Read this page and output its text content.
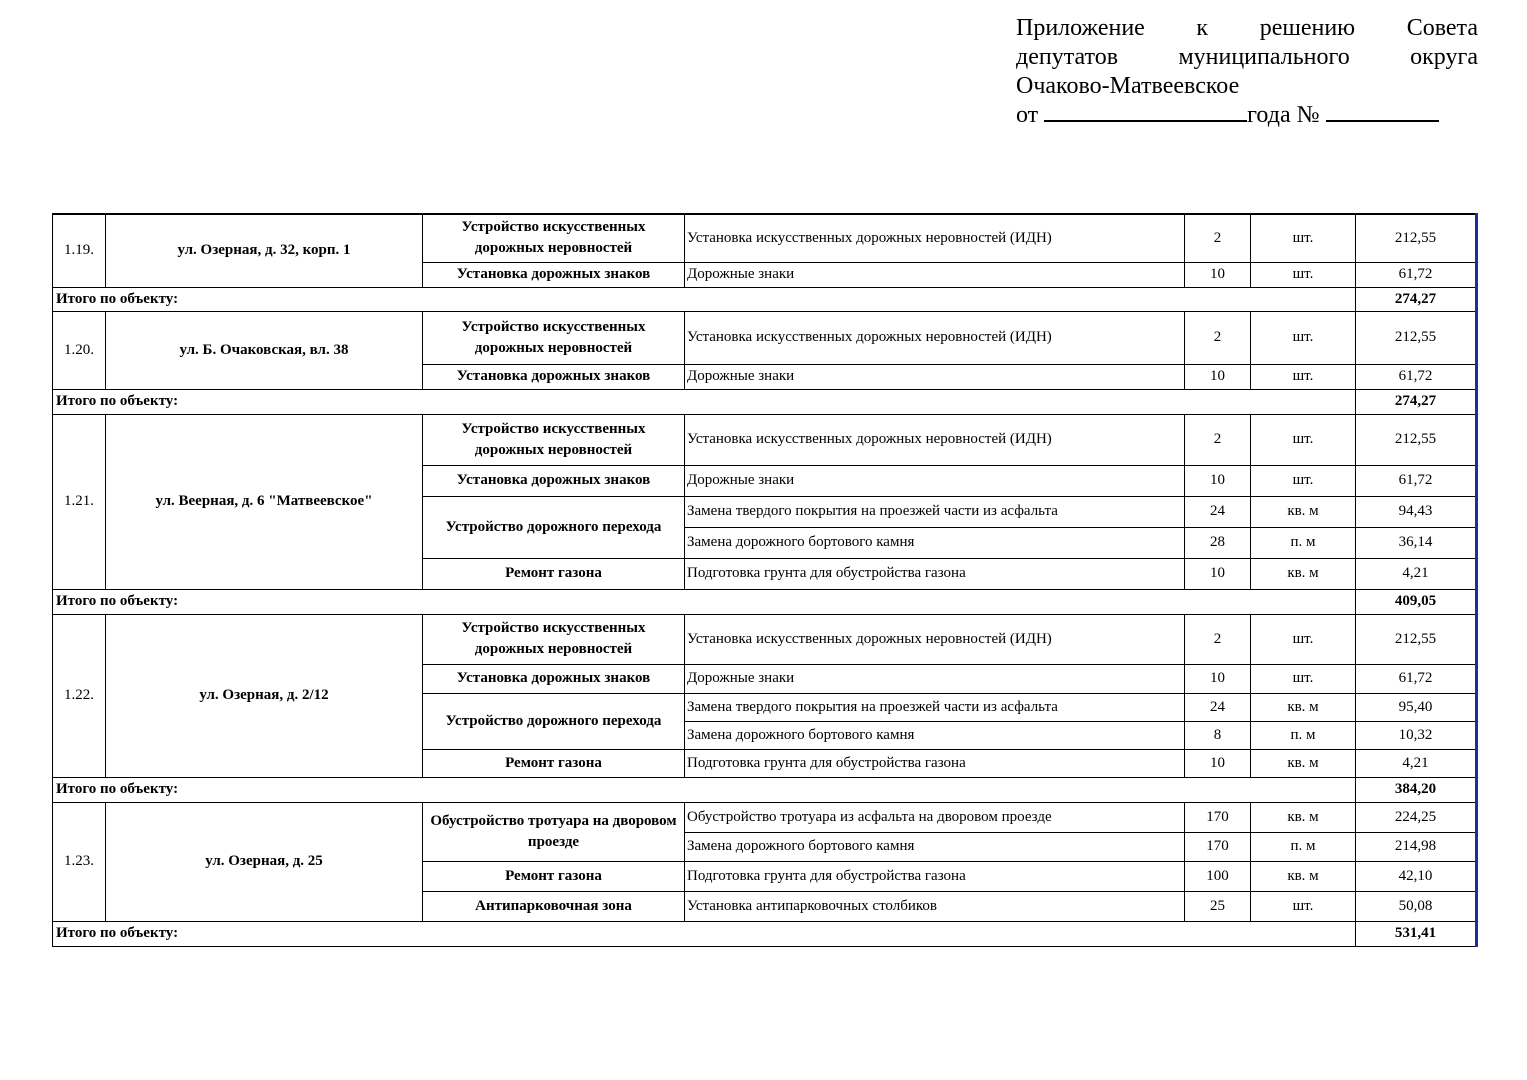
Приложение к решению Совета
депутатов муниципального округа
Очаково-Матвеевское
от	года №
1.19.	ул. Озерная, д. 32, корп. 1	Устройство искусственных дорожных неровностей	Установка искусственных дорожных неровностей (ИДН)	2	шт.	212,55
		Установка дорожных знаков	Дорожные знаки	10	шт.	61,72
Итого по объекту:						274,27
1.20.	ул. Б. Очаковская, вл. 38	Устройство искусственных дорожных неровностей	Установка искусственных дорожных неровностей (ИДН)	2	шт.	212,55
		Установка дорожных знаков	Дорожные знаки	10	шт.	61,72
Итого по объекту:						274,27
1.21.	ул. Веерная, д. 6 "Матвеевское"	Устройство искусственных дорожных неровностей	Установка искусственных дорожных неровностей (ИДН)	2	шт.	212,55
		Установка дорожных знаков	Дорожные знаки	10	шт.	61,72
		Устройство дорожного перехода	Замена твердого покрытия на проезжей части из асфальта	24	кв. м	94,43
			Замена дорожного бортового камня	28	п. м	36,14
		Ремонт газона	Подготовка грунта для обустройства газона	10	кв. м	4,21
Итого по объекту:						409,05
1.22.	ул. Озерная, д. 2/12	Устройство искусственных дорожных неровностей	Установка искусственных дорожных неровностей (ИДН)	2	шт.	212,55
		Установка дорожных знаков	Дорожные знаки	10	шт.	61,72
		Устройство дорожного перехода	Замена твердого покрытия на проезжей части из асфальта	24	кв. м	95,40
			Замена дорожного бортового камня	8	п. м	10,32
		Ремонт газона	Подготовка грунта для обустройства газона	10	кв. м	4,21
Итого по объекту:						384,20
1.23.	ул. Озерная, д. 25	Обустройство тротуара на дворовом проезде	Обустройство тротуара из асфальта на дворовом проезде	170	кв. м	224,25
			Замена дорожного бортового камня	170	п. м	214,98
		Ремонт газона	Подготовка грунта для обустройства газона	100	кв. м	42,10
		Антипарковочная зона	Установка антипарковочных столбиков	25	шт.	50,08
Итого по объекту:						531,41
